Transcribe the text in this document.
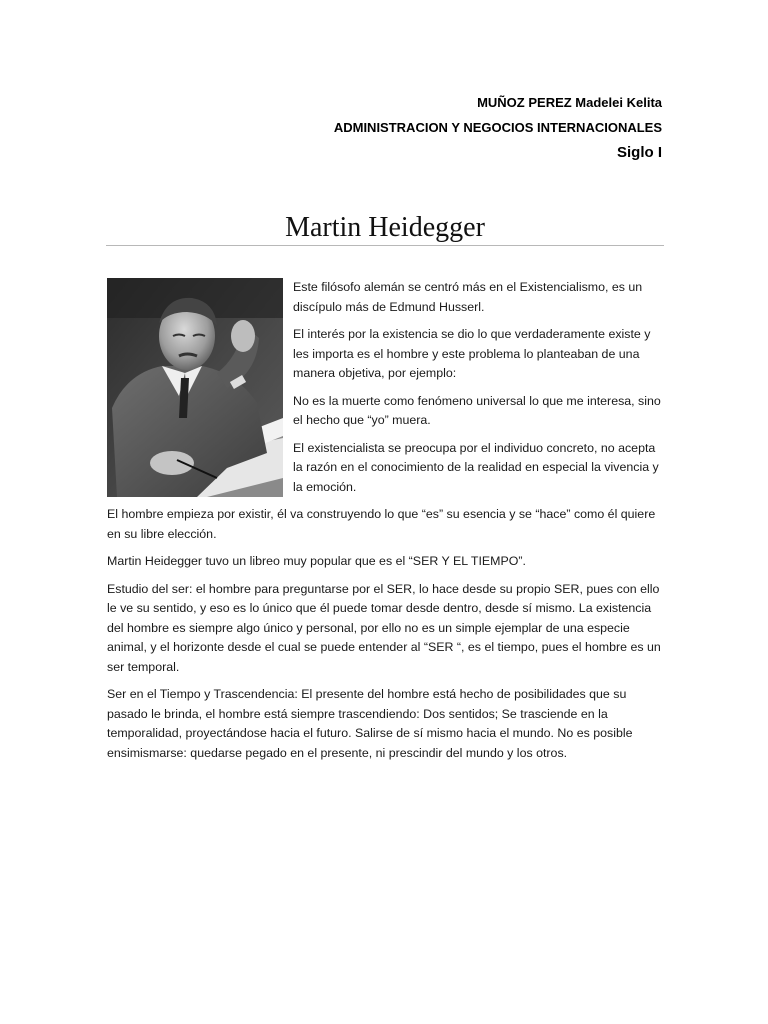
MUÑOZ PEREZ Madelei Kelita
ADMINISTRACION Y NEGOCIOS INTERNACIONALES
Siglo I
Martin Heidegger

Este filósofo alemán se centró más en el Existencialismo, es un discípulo más de Edmund Husserl.

El interés por la existencia se dio lo que verdaderamente existe y les importa es el hombre y este problema lo planteaban de una manera objetiva, por ejemplo:

No es la muerte como fenómeno universal lo que me interesa, sino el hecho que “yo” muera.

El existencialista se preocupa por el individuo concreto, no acepta la razón en el conocimiento de la realidad en especial la vivencia y la emoción.

El hombre empieza por existir, él va construyendo lo que “es” su esencia y se “hace” como él quiere en su libre elección.

Martin Heidegger tuvo un libreo muy popular que es el “SER Y EL TIEMPO”.

Estudio del ser: el hombre para preguntarse por el SER, lo hace desde su propio SER, pues con ello le ve su sentido, y eso es lo único que él puede tomar desde dentro, desde sí mismo. La existencia del hombre es siempre algo único y personal, por ello no es un simple ejemplar de una especie animal, y el horizonte desde el cual se puede entender al “SER “, es el tiempo, pues el hombre es un ser temporal.

Ser en el Tiempo y Trascendencia: El presente del hombre está hecho de posibilidades que su pasado le brinda, el hombre está siempre trascendiendo: Dos sentidos; Se trasciende en la temporalidad, proyectándose hacia el futuro. Salirse de sí mismo hacia el mundo. No es posible ensimismarse: quedarse pegado en el presente, ni prescindir del mundo y los otros.
